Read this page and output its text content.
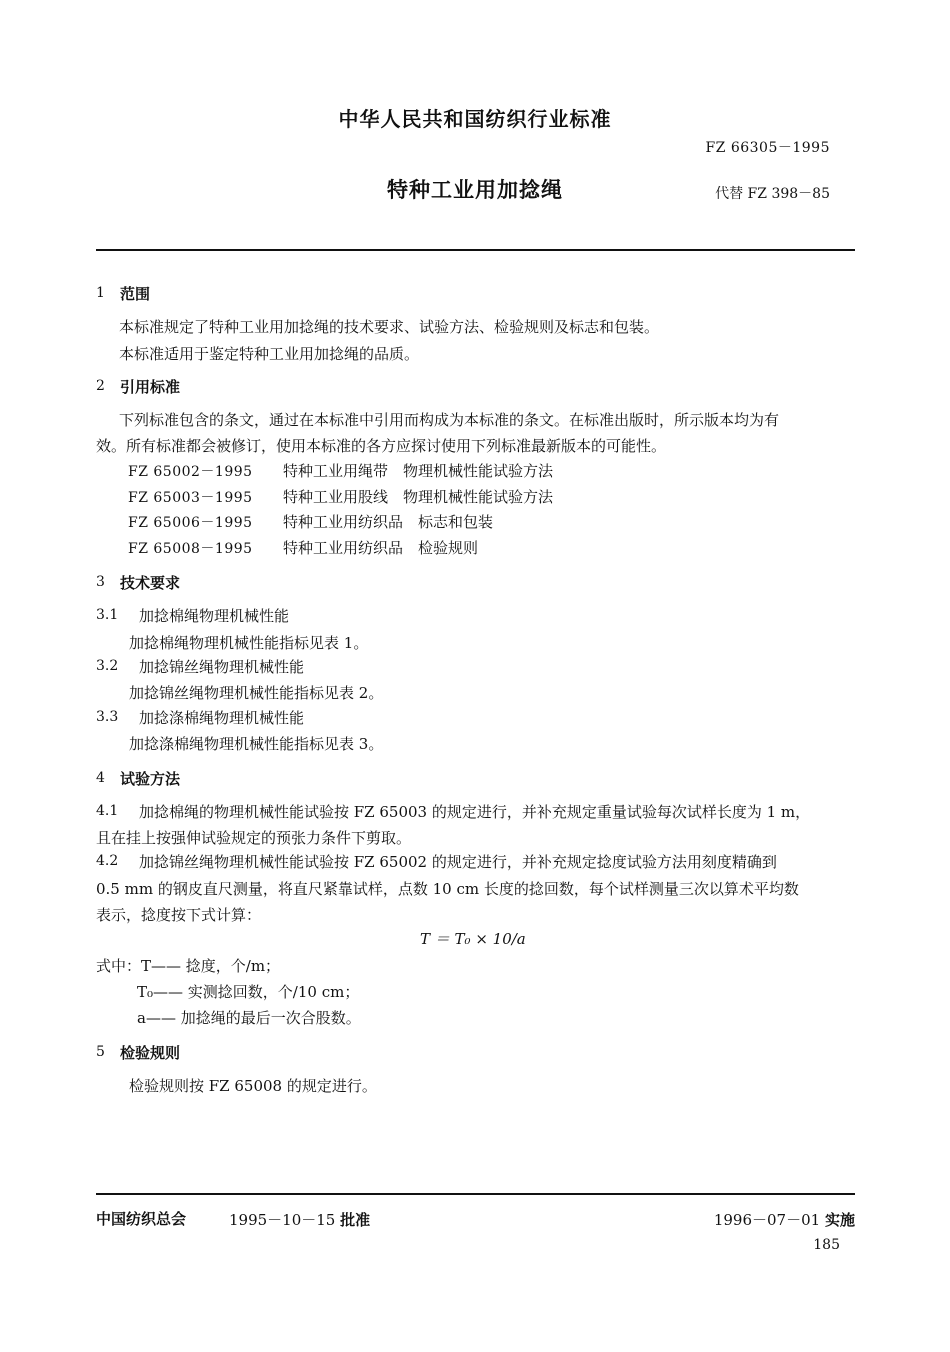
中华人民共和国纺织行业标准
FZ 66305－1995
特种工业用加捻绳	代替 FZ 398－85
1 范围
本标准规定了特种工业用加捻绳的技术要求、试验方法、检验规则及标志和包装。
本标准适用于鉴定特种工业用加捻绳的品质。
2 引用标准
下列标准包含的条文，通过在本标准中引用而构成为本标准的条文。在标准出版时，所示版本均为有
效。所有标准都会被修订，使用本标准的各方应探讨使用下列标准最新版本的可能性。
FZ 65002－1995 特种工业用绳带　物理机械性能试验方法
FZ 65003－1995 特种工业用股线　物理机械性能试验方法
FZ 65006－1995 特种工业用纺织品　标志和包装
FZ 65008－1995 特种工业用纺织品　检验规则
3 技术要求
3.1 加捻棉绳物理机械性能
加捻棉绳物理机械性能指标见表 1。
3.2 加捻锦丝绳物理机械性能
加捻锦丝绳物理机械性能指标见表 2。
3.3 加捻涤棉绳物理机械性能
加捻涤棉绳物理机械性能指标见表 3。
4 试验方法
4.1 加捻棉绳的物理机械性能试验按 FZ 65003 的规定进行，并补充规定重量试验每次试样长度为 1 m，
且在挂上按强伸试验规定的预张力条件下剪取。
4.2 加捻锦丝绳物理机械性能试验按 FZ 65002 的规定进行，并补充规定捻度试验方法用刻度精确到
0.5 mm 的钢皮直尺测量，将直尺紧靠试样，点数 10 cm 长度的捻回数，每个试样测量三次以算术平均数
表示，捻度按下式计算：
T ＝ T₀ × 10/a
式中：T—— 捻度，个/m；
T₀—— 实测捻回数，个/10 cm；
a—— 加捻绳的最后一次合股数。
5 检验规则
检验规则按 FZ 65008 的规定进行。
中国纺织总会	1995－10－15 批准	1996－07－01 实施
185
